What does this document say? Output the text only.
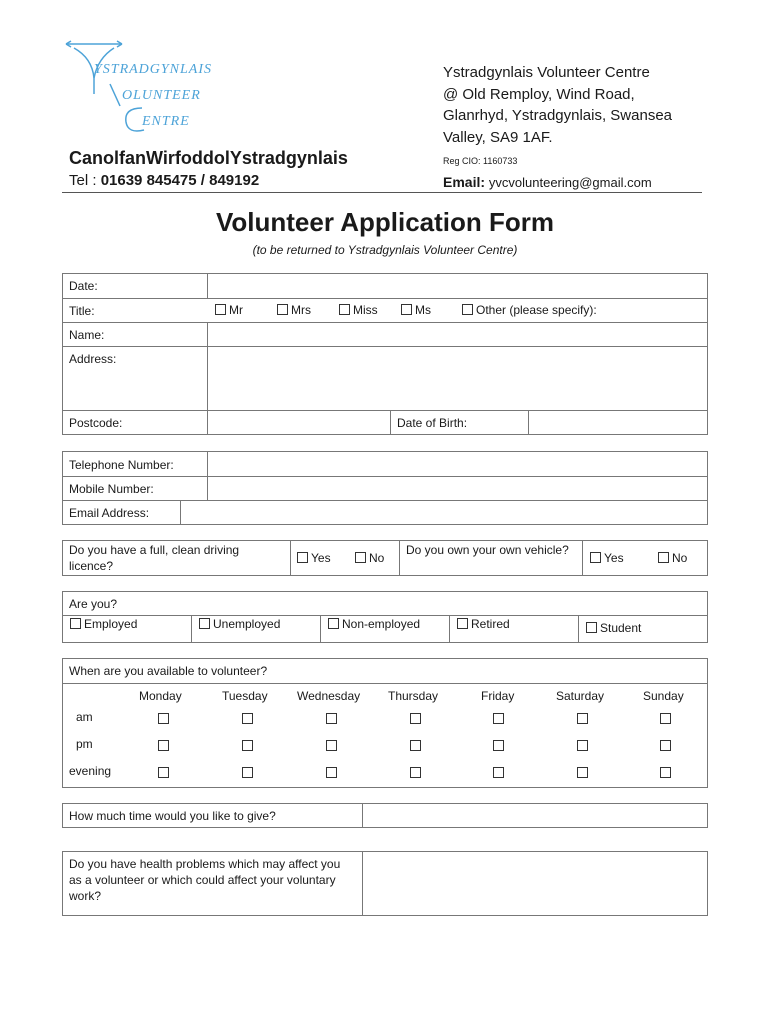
YSTRADGYNLAIS
OLUNTEER
ENTRE
CanolfanWirfoddolYstradgynlais
Tel : 01639 845475 / 849192
Ystradgynlais Volunteer Centre
@ Old Remploy, Wind Road,
Glanrhyd, Ystradgynlais, Swansea
Valley, SA9 1AF.
Reg CIO: 1160733
Email: yvcvolunteering@gmail.com
Volunteer Application Form
(to be returned to Ystradgynlais Volunteer Centre)
Date:
Title:	Mr	Mrs	Miss	Ms	Other (please specify):
Name:
Address:
Postcode:	Date of Birth:
Telephone Number:
Mobile Number:
Email Address:
Do you have a full, clean driving licence?
Yes	No
Do you own your own vehicle?
Yes	No
Are you?
Employed	Unemployed	Non-employed	Retired	Student
When are you available to volunteer?
Monday	Tuesday Wednesday Thursday	Friday	Saturday	Sunday
am
pm
evening
How much time would you like to give?
Do you have health problems which may affect you as a volunteer or which could affect your voluntary work?
